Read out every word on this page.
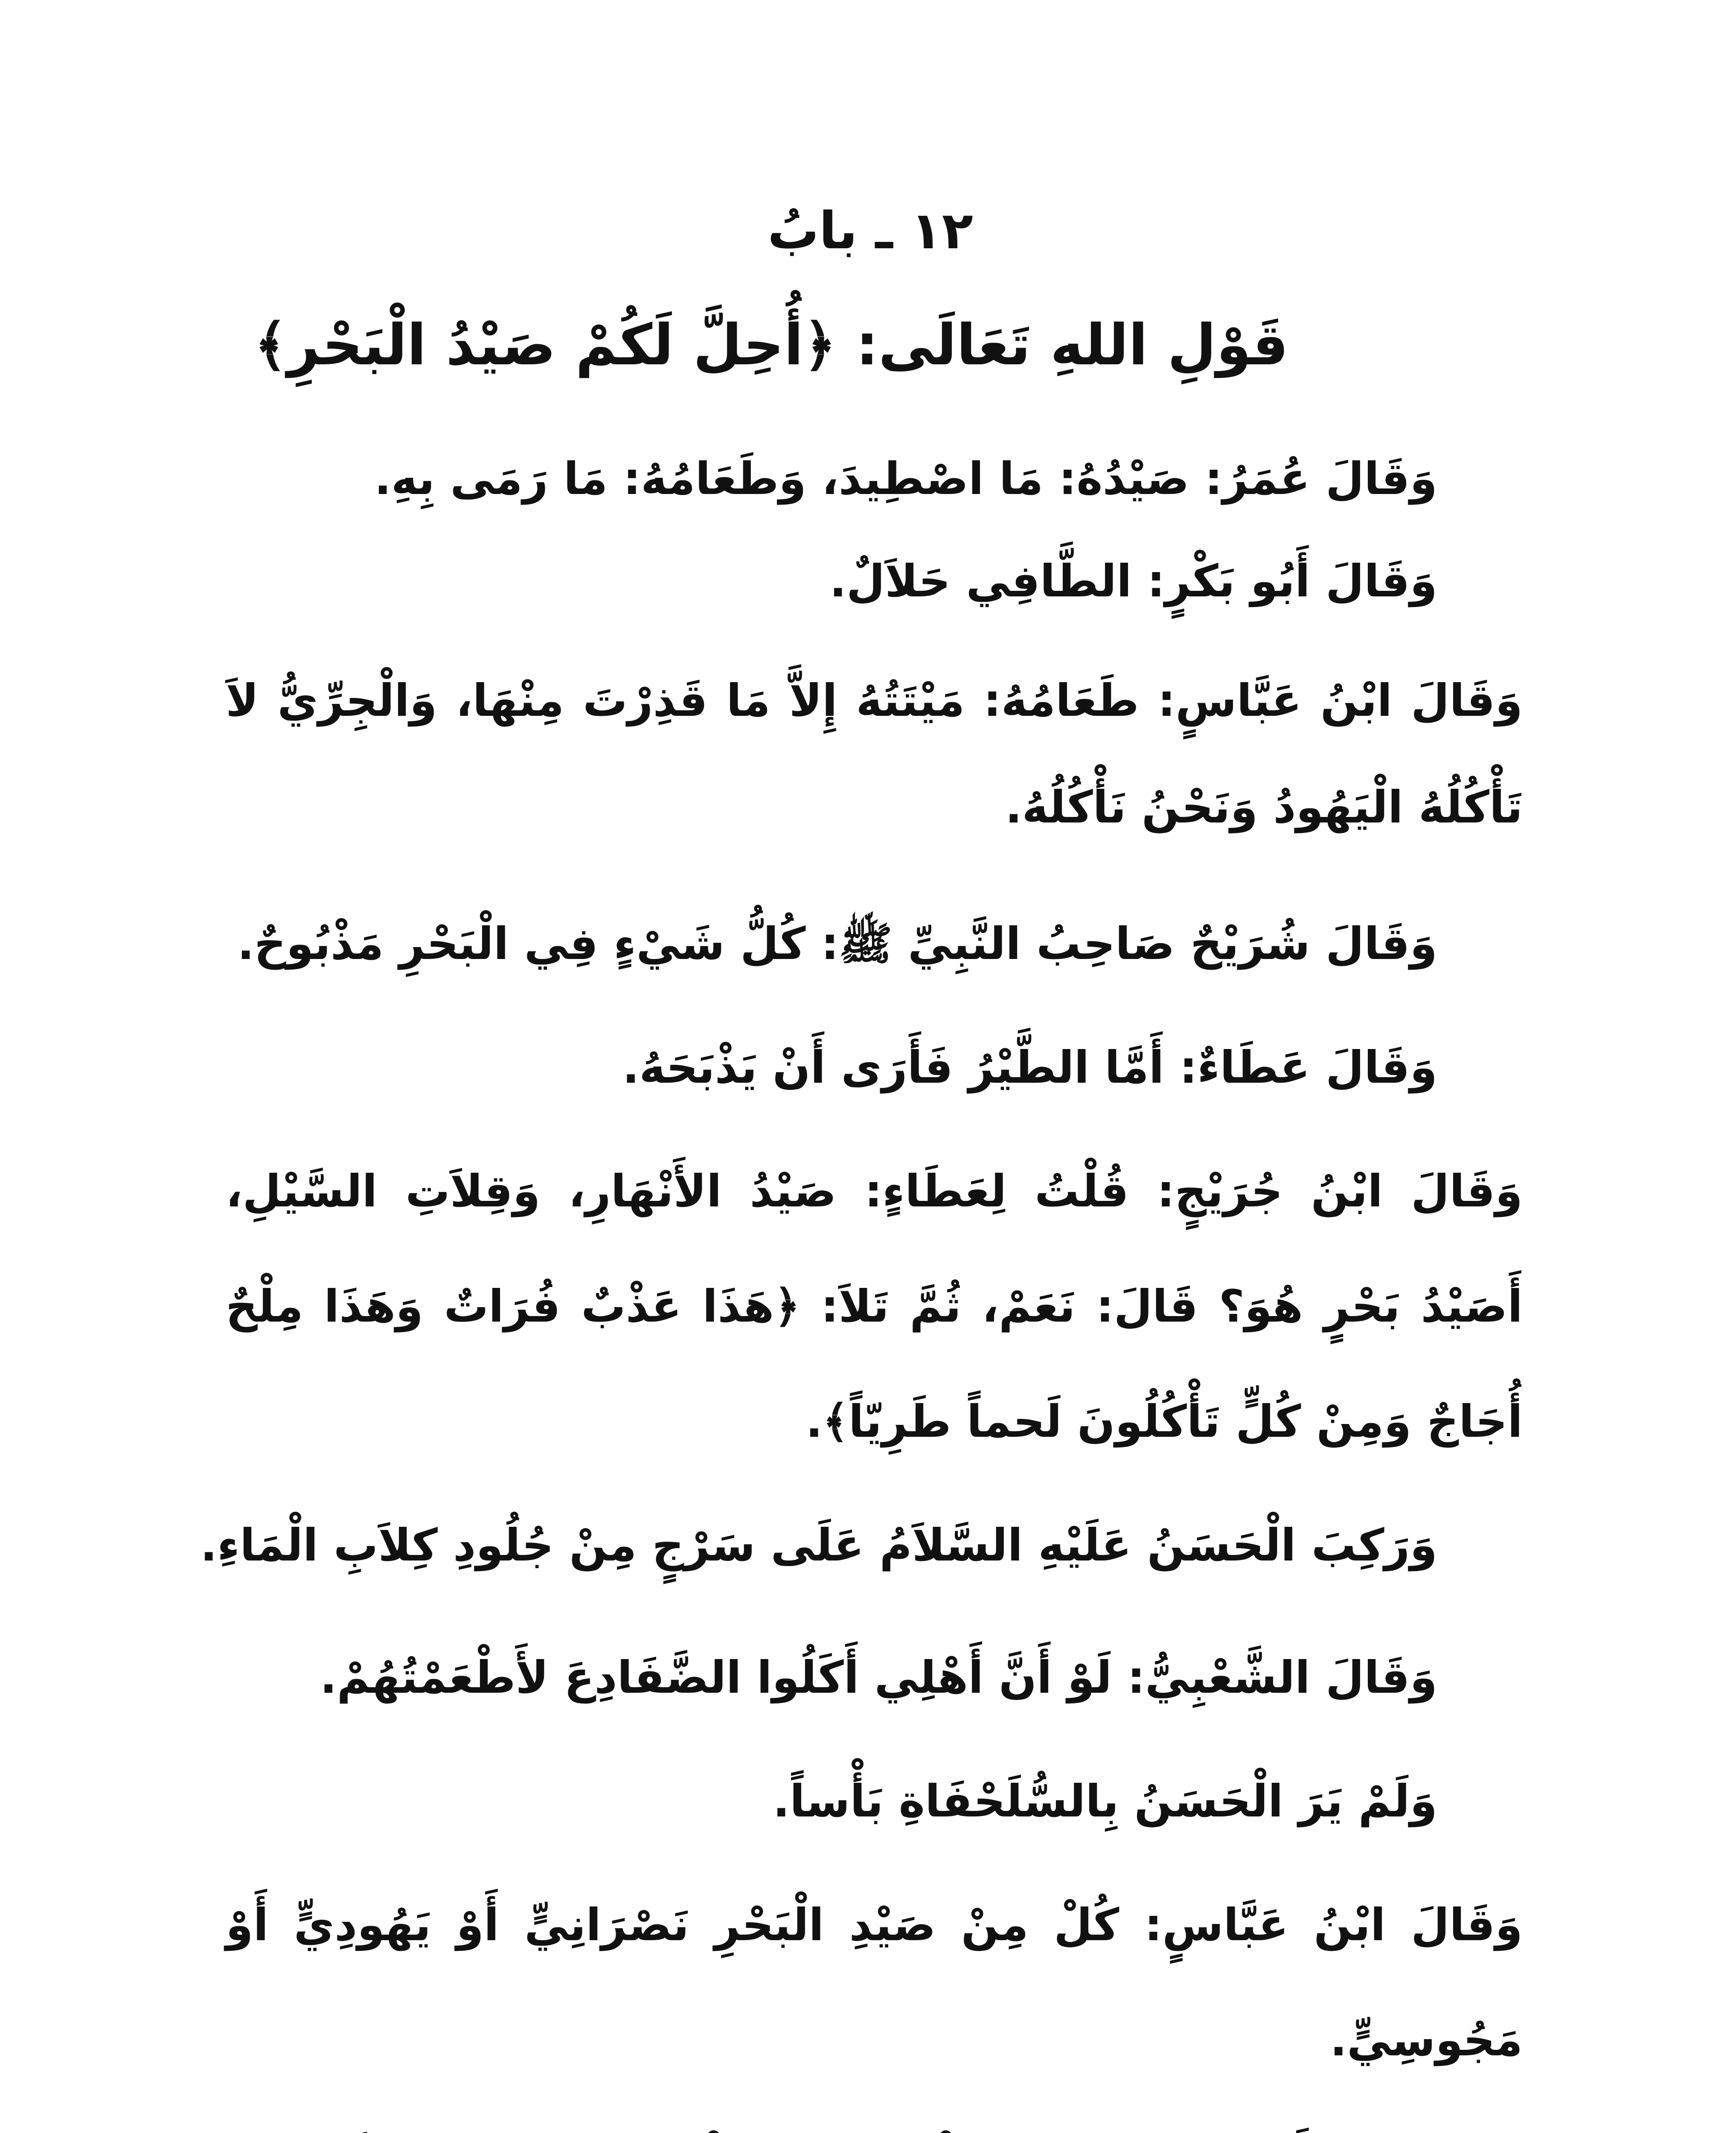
١٢ ـ بابُ
قَوْلِ اللهِ تَعَالَى: ﴿أُحِلَّ لَكُمْ صَيْدُ الْبَحْرِ﴾
وَقَالَ عُمَرُ: صَيْدُهُ: مَا اصْطِيدَ، وَطَعَامُهُ: مَا رَمَى بِهِ.
وَقَالَ أَبُو بَكْرٍ: الطَّافِي حَلاَلٌ.
وَقَالَ ابْنُ عَبَّاسٍ: طَعَامُهُ: مَيْتَتُهُ إِلاَّ مَا قَذِرْتَ مِنْهَا، وَالْجِرِّيُّ لاَ
تَأْكُلُهُ الْيَهُودُ وَنَحْنُ نَأْكُلُهُ.
وَقَالَ شُرَيْحٌ صَاحِبُ النَّبِيِّ ﷺ: كُلُّ شَيْءٍ فِي الْبَحْرِ مَذْبُوحٌ.
وَقَالَ عَطَاءٌ: أَمَّا الطَّيْرُ فَأَرَى أَنْ يَذْبَحَهُ.
وَقَالَ ابْنُ جُرَيْجٍ: قُلْتُ لِعَطَاءٍ: صَيْدُ الأَنْهَارِ، وَقِلاَتِ السَّيْلِ،
أَصَيْدُ بَحْرٍ هُوَ؟ قَالَ: نَعَمْ، ثُمَّ تَلاَ: ﴿هَذَا عَذْبٌ فُرَاتٌ وَهَذَا مِلْحٌ
أُجَاجٌ وَمِنْ كُلٍّ تَأْكُلُونَ لَحماً طَرِيّاً﴾.
وَرَكِبَ الْحَسَنُ عَلَيْهِ السَّلاَمُ عَلَى سَرْجٍ مِنْ جُلُودِ كِلاَبِ الْمَاءِ.
وَقَالَ الشَّعْبِيُّ: لَوْ أَنَّ أَهْلِي أَكَلُوا الضَّفَادِعَ لأَطْعَمْتُهُمْ.
وَلَمْ يَرَ الْحَسَنُ بِالسُّلَحْفَاةِ بَأْساً.
وَقَالَ ابْنُ عَبَّاسٍ: كُلْ مِنْ صَيْدِ الْبَحْرِ نَصْرَانِيٍّ أَوْ يَهُودِيٍّ أَوْ
مَجُوسِيٍّ.
